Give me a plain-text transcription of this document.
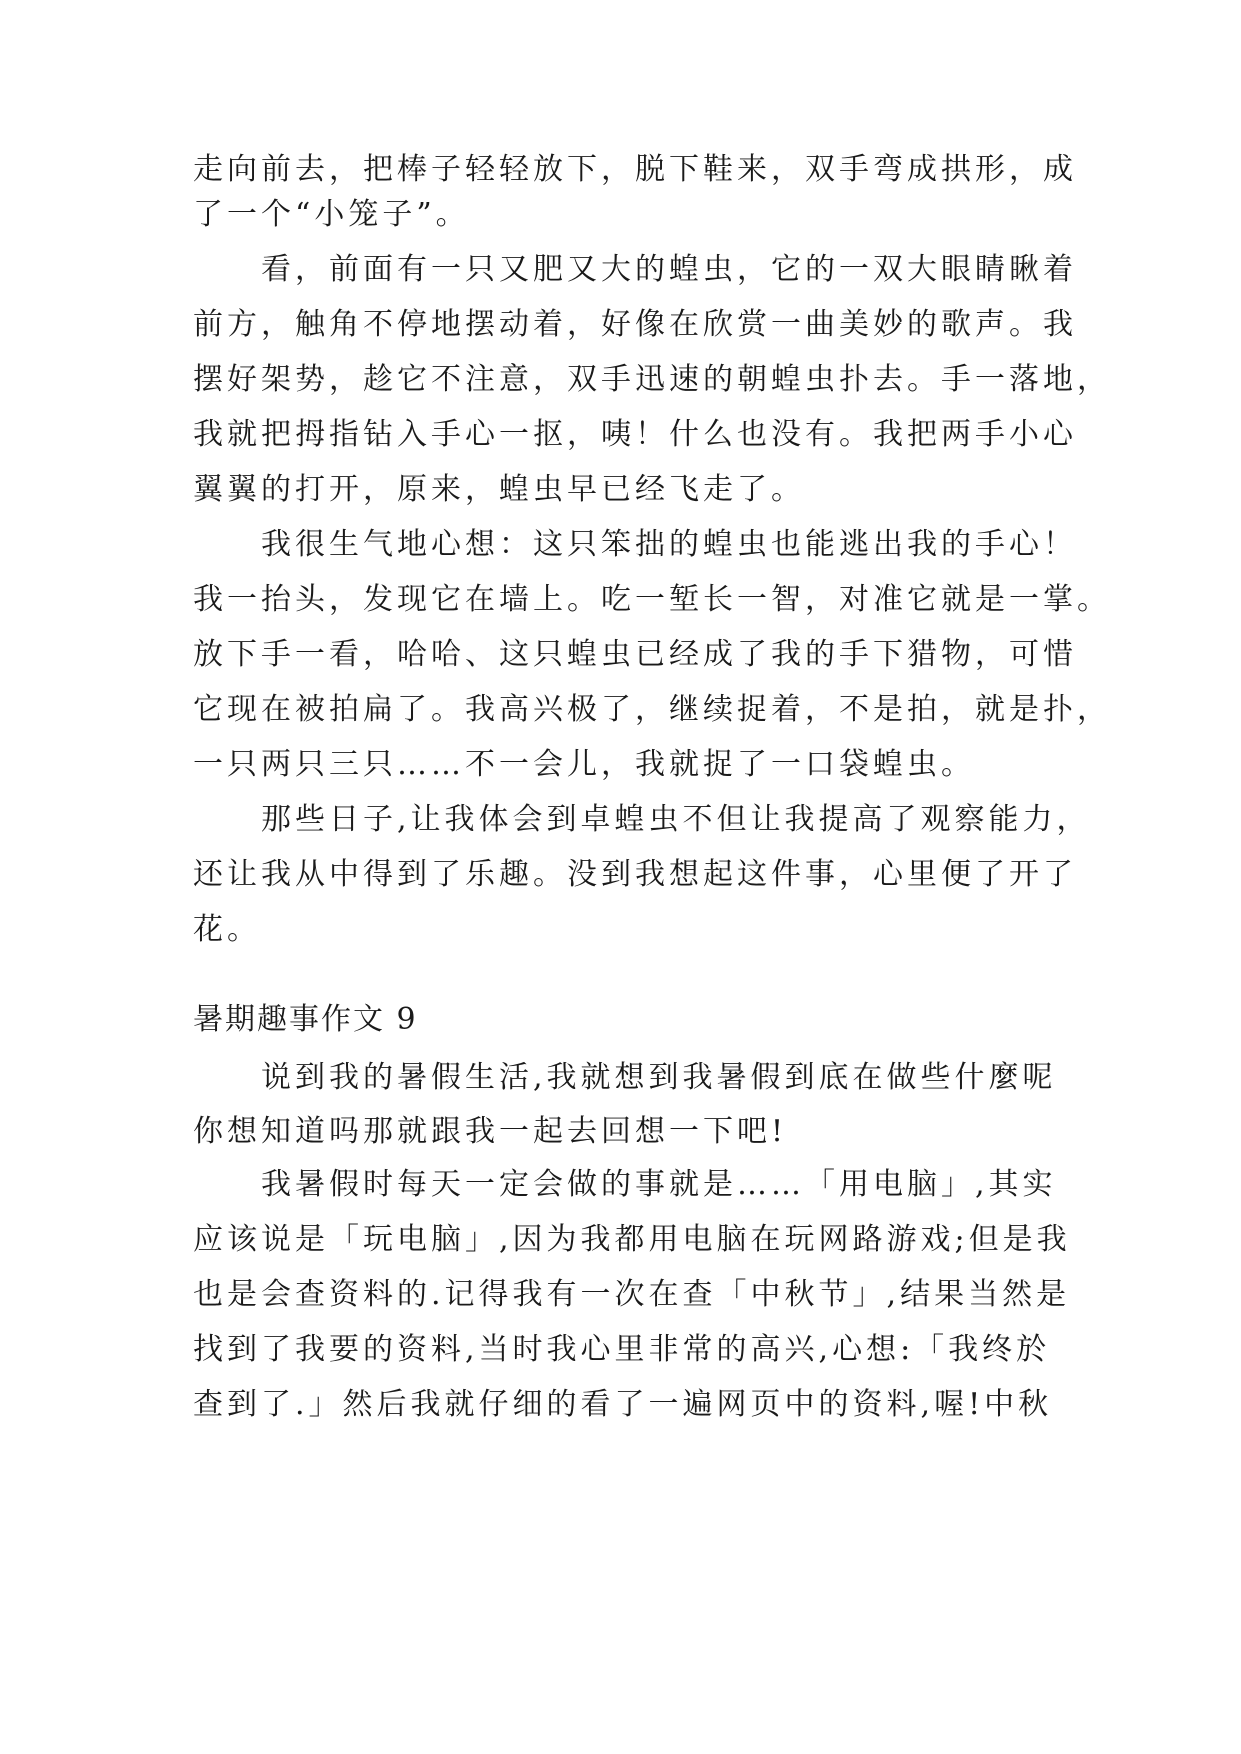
走向前去，把棒子轻轻放下，脱下鞋来，双手弯成拱形，成
了一个“小笼子”。
　　看，前面有一只又肥又大的蝗虫，它的一双大眼睛瞅着
前方，触角不停地摆动着，好像在欣赏一曲美妙的歌声。我
摆好架势，趁它不注意，双手迅速的朝蝗虫扑去。手一落地，
我就把拇指钻入手心一抠，咦！什么也没有。我把两手小心
翼翼的打开，原来，蝗虫早已经飞走了。
　　我很生气地心想：这只笨拙的蝗虫也能逃出我的手心！
我一抬头，发现它在墙上。吃一堑长一智，对准它就是一掌。
放下手一看，哈哈、这只蝗虫已经成了我的手下猎物，可惜
它现在被拍扁了。我高兴极了，继续捉着，不是拍，就是扑，
一只两只三只……不一会儿，我就捉了一口袋蝗虫。
　　那些日子,让我体会到卓蝗虫不但让我提高了观察能力，
还让我从中得到了乐趣。没到我想起这件事，心里便了开了
花。
暑期趣事作文 9
　　说到我的暑假生活,我就想到我暑假到底在做些什麼呢
你想知道吗那就跟我一起去回想一下吧!
　　我暑假时每天一定会做的事就是……「用电脑」,其实
应该说是「玩电脑」,因为我都用电脑在玩网路游戏;但是我
也是会查资料的.记得我有一次在查「中秋节」,结果当然是
找到了我要的资料,当时我心里非常的高兴,心想:「我终於
查到了.」然后我就仔细的看了一遍网页中的资料,喔!中秋
